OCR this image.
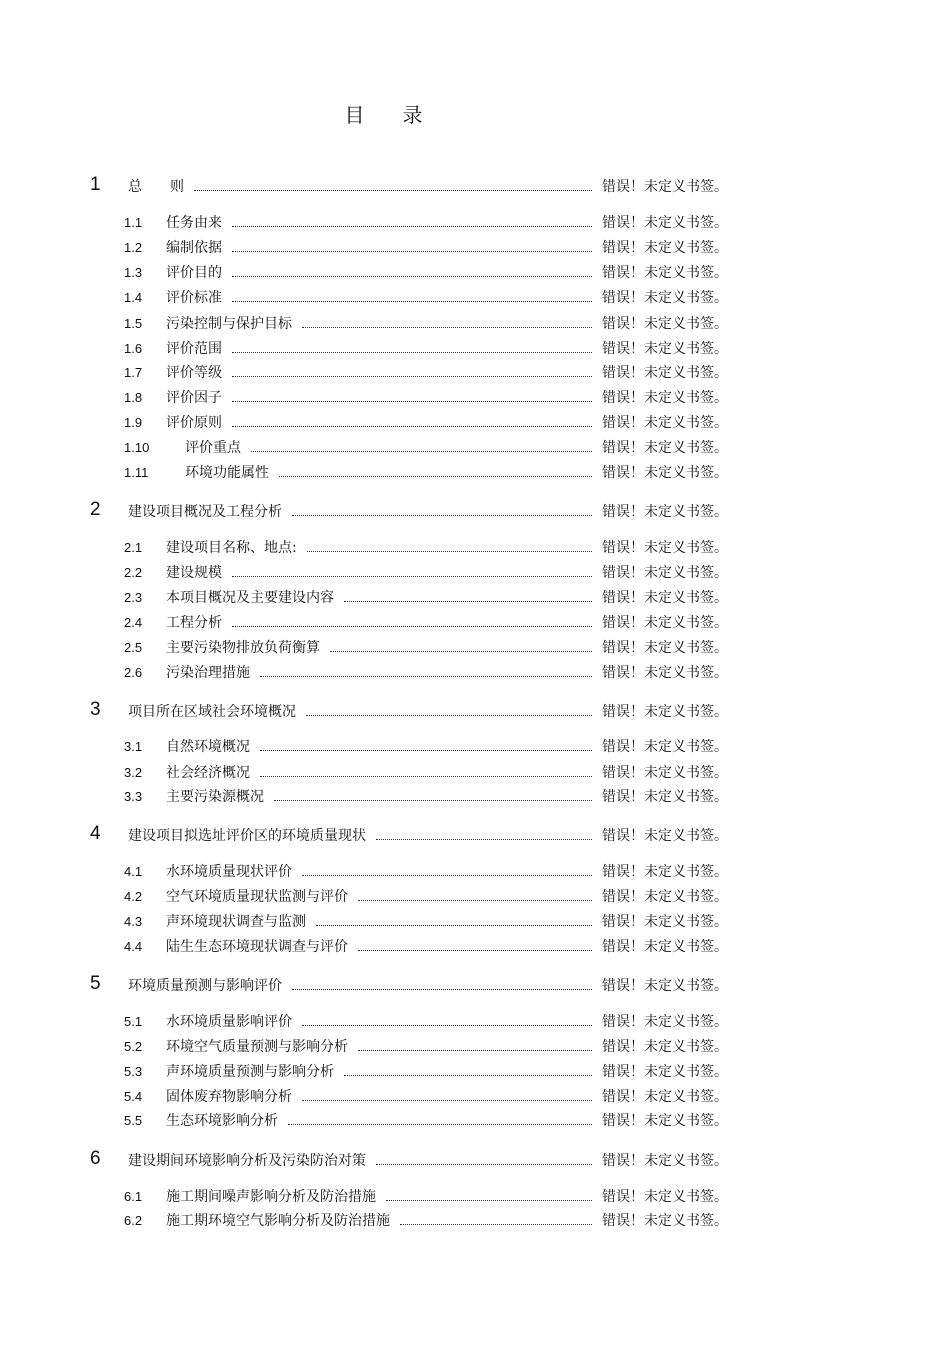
目录
1 总　　则	错误！未定义书签。
1.1 任务由来	错误！未定义书签。
1.2 编制依据	错误！未定义书签。
1.3 评价目的	错误！未定义书签。
1.4 评价标准	错误！未定义书签。
1.5 污染控制与保护目标	错误！未定义书签。
1.6 评价范围	错误！未定义书签。
1.7 评价等级	错误！未定义书签。
1.8 评价因子	错误！未定义书签。
1.9 评价原则	错误！未定义书签。
1.10	评价重点	错误！未定义书签。
1.11	环境功能属性	错误！未定义书签。
2 建设项目概况及工程分析	错误！未定义书签。
2.1 建设项目名称、地点:	错误！未定义书签。
2.2 建设规模	错误！未定义书签。
2.3 本项目概况及主要建设内容	错误！未定义书签。
2.4 工程分析	错误！未定义书签。
2.5 主要污染物排放负荷衡算	错误！未定义书签。
2.6 污染治理措施	错误！未定义书签。
3 项目所在区域社会环境概况	错误！未定义书签。
3.1 自然环境概况	错误！未定义书签。
3.2 社会经济概况	错误！未定义书签。
3.3 主要污染源概况	错误！未定义书签。
4 建设项目拟选址评价区的环境质量现状	错误！未定义书签。
4.1 水环境质量现状评价	错误！未定义书签。
4.2 空气环境质量现状监测与评价	错误！未定义书签。
4.3 声环境现状调查与监测	错误！未定义书签。
4.4 陆生生态环境现状调查与评价	错误！未定义书签。
5 环境质量预测与影响评价	错误！未定义书签。
5.1 水环境质量影响评价	错误！未定义书签。
5.2 环境空气质量预测与影响分析	错误！未定义书签。
5.3 声环境质量预测与影响分析	错误！未定义书签。
5.4 固体废弃物影响分析	错误！未定义书签。
5.5 生态环境影响分析	错误！未定义书签。
6 建设期间环境影响分析及污染防治对策	错误！未定义书签。
6.1 施工期间噪声影响分析及防治措施	错误！未定义书签。
6.2 施工期环境空气影响分析及防治措施	错误！未定义书签。
